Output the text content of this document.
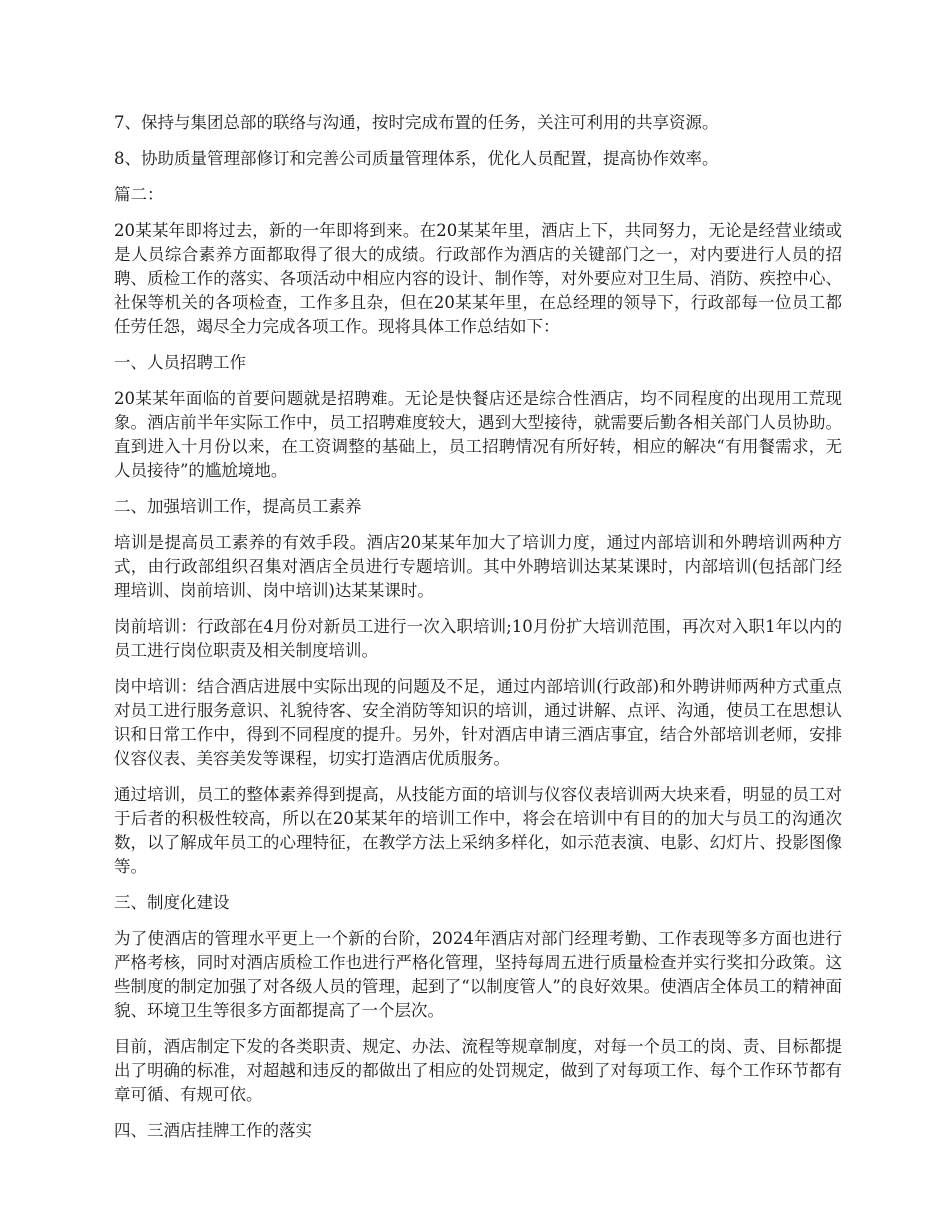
7、保持与集团总部的联络与沟通，按时完成布置的任务，关注可利用的共享资源。

8、协助质量管理部修订和完善公司质量管理体系，优化人员配置，提高协作效率。

篇二：

20某某年即将过去，新的一年即将到来。在20某某年里，酒店上下，共同努力，无论是经营业绩或是人员综合素养方面都取得了很大的成绩。行政部作为酒店的关键部门之一，对内要进行人员的招聘、质检工作的落实、各项活动中相应内容的设计、制作等，对外要应对卫生局、消防、疾控中心、社保等机关的各项检查，工作多且杂，但在20某某年里，在总经理的领导下，行政部每一位员工都任劳任怨，竭尽全力完成各项工作。现将具体工作总结如下：

一、人员招聘工作

20某某年面临的首要问题就是招聘难。无论是快餐店还是综合性酒店，均不同程度的出现用工荒现象。酒店前半年实际工作中，员工招聘难度较大，遇到大型接待，就需要后勤各相关部门人员协助。直到进入十月份以来，在工资调整的基础上，员工招聘情况有所好转，相应的解决“有用餐需求，无人员接待”的尴尬境地。

二、加强培训工作，提高员工素养

培训是提高员工素养的有效手段。酒店20某某年加大了培训力度，通过内部培训和外聘培训两种方式，由行政部组织召集对酒店全员进行专题培训。其中外聘培训达某某课时，内部培训(包括部门经理培训、岗前培训、岗中培训)达某某课时。

岗前培训：行政部在4月份对新员工进行一次入职培训;10月份扩大培训范围，再次对入职1年以内的员工进行岗位职责及相关制度培训。

岗中培训：结合酒店进展中实际出现的问题及不足，通过内部培训(行政部)和外聘讲师两种方式重点对员工进行服务意识、礼貌待客、安全消防等知识的培训，通过讲解、点评、沟通，使员工在思想认识和日常工作中，得到不同程度的提升。另外，针对酒店申请三酒店事宜，结合外部培训老师，安排仪容仪表、美容美发等课程，切实打造酒店优质服务。

通过培训，员工的整体素养得到提高，从技能方面的培训与仪容仪表培训两大块来看，明显的员工对于后者的积极性较高，所以在20某某年的培训工作中，将会在培训中有目的的加大与员工的沟通次数，以了解成年员工的心理特征，在教学方法上采纳多样化，如示范表演、电影、幻灯片、投影图像等。

三、制度化建设

为了使酒店的管理水平更上一个新的台阶，2024年酒店对部门经理考勤、工作表现等多方面也进行严格考核，同时对酒店质检工作也进行严格化管理，坚持每周五进行质量检查并实行奖扣分政策。这些制度的制定加强了对各级人员的管理，起到了“以制度管人”的良好效果。使酒店全体员工的精神面貌、环境卫生等很多方面都提高了一个层次。

目前，酒店制定下发的各类职责、规定、办法、流程等规章制度，对每一个员工的岗、责、目标都提出了明确的标准，对超越和违反的都做出了相应的处罚规定，做到了对每项工作、每个工作环节都有章可循、有规可依。

四、三酒店挂牌工作的落实
